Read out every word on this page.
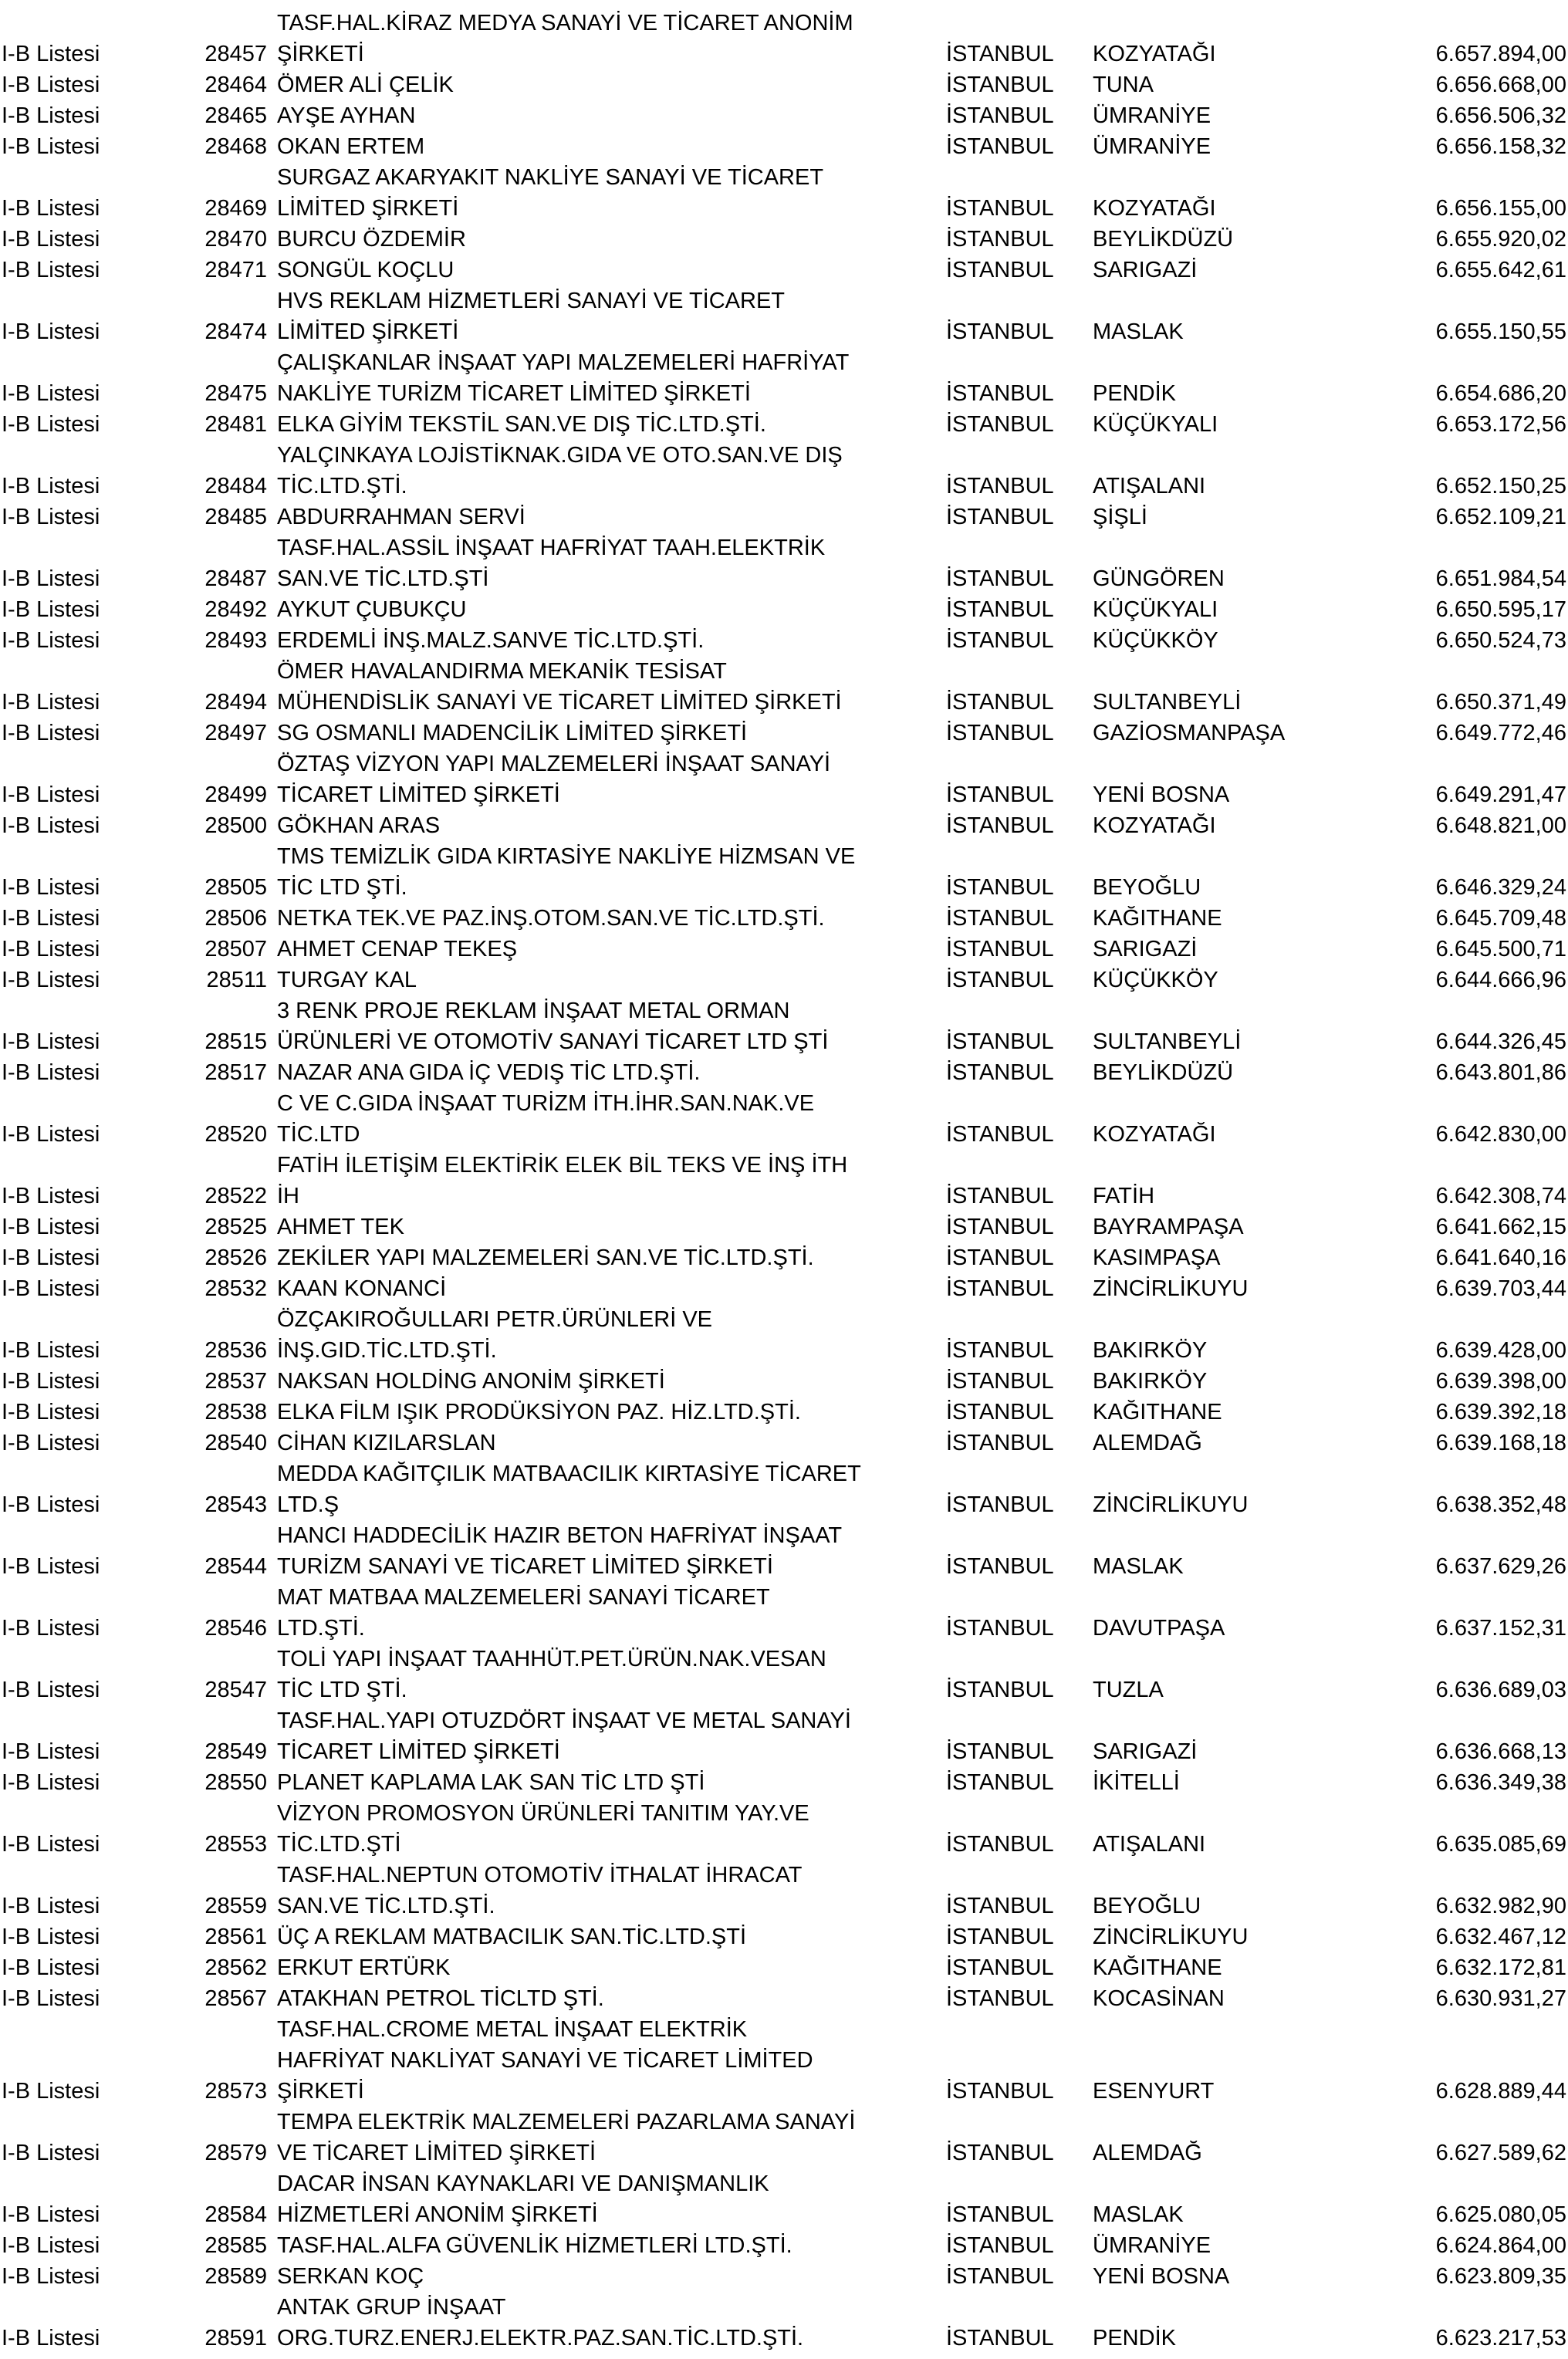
TASF.HAL.KİRAZ MEDYA SANAYİ VE TİCARET ANONİM
I-B Listesi	28457 ŞİRKETİ	İSTANBUL KOZYATAĞI	6.657.894,00
I-B Listesi	28464 ÖMER ALİ ÇELİK	İSTANBUL TUNA	6.656.668,00
I-B Listesi	28465 AYŞE AYHAN	İSTANBUL ÜMRANİYE	6.656.506,32
I-B Listesi	28468 OKAN ERTEM	İSTANBUL ÜMRANİYE	6.656.158,32
SURGAZ AKARYAKIT NAKLİYE SANAYİ VE TİCARET
I-B Listesi	28469 LİMİTED ŞİRKETİ	İSTANBUL KOZYATAĞI	6.656.155,00
I-B Listesi	28470 BURCU ÖZDEMİR	İSTANBUL BEYLİKDÜZÜ	6.655.920,02
I-B Listesi	28471 SONGÜL KOÇLU	İSTANBUL SARIGAZİ	6.655.642,61
HVS REKLAM HİZMETLERİ SANAYİ VE TİCARET
I-B Listesi	28474 LİMİTED ŞİRKETİ	İSTANBUL MASLAK	6.655.150,55
ÇALIŞKANLAR İNŞAAT YAPI MALZEMELERİ HAFRİYAT
I-B Listesi	28475 NAKLİYE TURİZM TİCARET LİMİTED ŞİRKETİ	İSTANBUL PENDİK	6.654.686,20
I-B Listesi	28481 ELKA GİYİM TEKSTİL SAN.VE DIŞ TİC.LTD.ŞTİ.	İSTANBUL KÜÇÜKYALI	6.653.172,56
YALÇINKAYA LOJİSTİKNAK.GIDA VE OTO.SAN.VE DIŞ
I-B Listesi	28484 TİC.LTD.ŞTİ.	İSTANBUL ATIŞALANI	6.652.150,25
I-B Listesi	28485 ABDURRAHMAN SERVİ	İSTANBUL ŞİŞLİ	6.652.109,21
TASF.HAL.ASSİL İNŞAAT HAFRİYAT TAAH.ELEKTRİK
I-B Listesi	28487 SAN.VE TİC.LTD.ŞTİ	İSTANBUL GÜNGÖREN	6.651.984,54
I-B Listesi	28492 AYKUT ÇUBUKÇU	İSTANBUL KÜÇÜKYALI	6.650.595,17
I-B Listesi	28493 ERDEMLİ İNŞ.MALZ.SANVE TİC.LTD.ŞTİ.	İSTANBUL KÜÇÜKKÖY	6.650.524,73
ÖMER HAVALANDIRMA MEKANİK TESİSAT
I-B Listesi	28494 MÜHENDİSLİK SANAYİ VE TİCARET LİMİTED ŞİRKETİ	İSTANBUL SULTANBEYLİ	6.650.371,49
I-B Listesi	28497 SG OSMANLI MADENCİLİK LİMİTED ŞİRKETİ	İSTANBUL GAZİOSMANPAŞA	6.649.772,46
ÖZTAŞ VİZYON YAPI MALZEMELERİ İNŞAAT SANAYİ
I-B Listesi	28499 TİCARET LİMİTED ŞİRKETİ	İSTANBUL YENİ BOSNA	6.649.291,47
I-B Listesi	28500 GÖKHAN ARAS	İSTANBUL KOZYATAĞI	6.648.821,00
TMS TEMİZLİK GIDA KIRTASİYE NAKLİYE HİZMSAN VE
I-B Listesi	28505 TİC LTD ŞTİ.	İSTANBUL BEYOĞLU	6.646.329,24
I-B Listesi	28506 NETKA TEK.VE PAZ.İNŞ.OTOM.SAN.VE TİC.LTD.ŞTİ.	İSTANBUL KAĞITHANE	6.645.709,48
I-B Listesi	28507 AHMET CENAP TEKEŞ	İSTANBUL SARIGAZİ	6.645.500,71
I-B Listesi	28511 TURGAY KAL	İSTANBUL KÜÇÜKKÖY	6.644.666,96
3 RENK PROJE REKLAM İNŞAAT METAL ORMAN
I-B Listesi	28515 ÜRÜNLERİ VE OTOMOTİV SANAYİ TİCARET LTD ŞTİ	İSTANBUL SULTANBEYLİ	6.644.326,45
I-B Listesi	28517 NAZAR ANA GIDA İÇ VEDIŞ TİC LTD.ŞTİ.	İSTANBUL BEYLİKDÜZÜ	6.643.801,86
C VE C.GIDA İNŞAAT TURİZM İTH.İHR.SAN.NAK.VE
I-B Listesi	28520 TİC.LTD	İSTANBUL KOZYATAĞI	6.642.830,00
FATİH İLETİŞİM ELEKTİRİK ELEK BİL TEKS VE İNŞ İTH
I-B Listesi	28522 İH	İSTANBUL FATİH	6.642.308,74
I-B Listesi	28525 AHMET TEK	İSTANBUL BAYRAMPAŞA	6.641.662,15
I-B Listesi	28526 ZEKİLER YAPI MALZEMELERİ SAN.VE TİC.LTD.ŞTİ.	İSTANBUL KASIMPAŞA	6.641.640,16
I-B Listesi	28532 KAAN KONANCİ	İSTANBUL ZİNCİRLİKUYU	6.639.703,44
ÖZÇAKIROĞULLARI PETR.ÜRÜNLERİ VE
I-B Listesi	28536 İNŞ.GID.TİC.LTD.ŞTİ.	İSTANBUL BAKIRKÖY	6.639.428,00
I-B Listesi	28537 NAKSAN HOLDİNG ANONİM ŞİRKETİ	İSTANBUL BAKIRKÖY	6.639.398,00
I-B Listesi	28538 ELKA FİLM IŞIK PRODÜKSİYON PAZ. HİZ.LTD.ŞTİ.	İSTANBUL KAĞITHANE	6.639.392,18
I-B Listesi	28540 CİHAN KIZILARSLAN	İSTANBUL ALEMDAĞ	6.639.168,18
MEDDA KAĞITÇILIK MATBAACILIK KIRTASİYE TİCARET
I-B Listesi	28543 LTD.Ş	İSTANBUL ZİNCİRLİKUYU	6.638.352,48
HANCI HADDECİLİK HAZIR BETON HAFRİYAT İNŞAAT
I-B Listesi	28544 TURİZM SANAYİ VE TİCARET LİMİTED ŞİRKETİ	İSTANBUL MASLAK	6.637.629,26
MAT MATBAA MALZEMELERİ SANAYİ TİCARET
I-B Listesi	28546 LTD.ŞTİ.	İSTANBUL DAVUTPAŞA	6.637.152,31
TOLİ YAPI İNŞAAT TAAHHÜT.PET.ÜRÜN.NAK.VESAN
I-B Listesi	28547 TİC LTD ŞTİ.	İSTANBUL TUZLA	6.636.689,03
TASF.HAL.YAPI OTUZDÖRT İNŞAAT VE METAL SANAYİ
I-B Listesi	28549 TİCARET LİMİTED ŞİRKETİ	İSTANBUL SARIGAZİ	6.636.668,13
I-B Listesi	28550 PLANET KAPLAMA LAK SAN TİC LTD ŞTİ	İSTANBUL İKİTELLİ	6.636.349,38
VİZYON PROMOSYON ÜRÜNLERİ TANITIM YAY.VE
I-B Listesi	28553 TİC.LTD.ŞTİ	İSTANBUL ATIŞALANI	6.635.085,69
TASF.HAL.NEPTUN OTOMOTİV İTHALAT İHRACAT
I-B Listesi	28559 SAN.VE TİC.LTD.ŞTİ.	İSTANBUL BEYOĞLU	6.632.982,90
I-B Listesi	28561 ÜÇ A REKLAM MATBACILIK SAN.TİC.LTD.ŞTİ	İSTANBUL ZİNCİRLİKUYU	6.632.467,12
I-B Listesi	28562 ERKUT ERTÜRK	İSTANBUL KAĞITHANE	6.632.172,81
I-B Listesi	28567 ATAKHAN PETROL TİCLTD ŞTİ.	İSTANBUL KOCASİNAN	6.630.931,27
TASF.HAL.CROME METAL İNŞAAT ELEKTRİK
HAFRİYAT NAKLİYAT SANAYİ VE TİCARET LİMİTED
I-B Listesi	28573 ŞİRKETİ	İSTANBUL ESENYURT	6.628.889,44
TEMPA ELEKTRİK MALZEMELERİ PAZARLAMA SANAYİ
I-B Listesi	28579 VE TİCARET LİMİTED ŞİRKETİ	İSTANBUL ALEMDAĞ	6.627.589,62
DACAR İNSAN KAYNAKLARI VE DANIŞMANLIK
I-B Listesi	28584 HİZMETLERİ ANONİM ŞİRKETİ	İSTANBUL MASLAK	6.625.080,05
I-B Listesi	28585 TASF.HAL.ALFA GÜVENLİK HİZMETLERİ LTD.ŞTİ.	İSTANBUL ÜMRANİYE	6.624.864,00
I-B Listesi	28589 SERKAN KOÇ	İSTANBUL YENİ BOSNA	6.623.809,35
ANTAK GRUP İNŞAAT
I-B Listesi	28591 ORG.TURZ.ENERJ.ELEKTR.PAZ.SAN.TİC.LTD.ŞTİ.	İSTANBUL PENDİK	6.623.217,53
